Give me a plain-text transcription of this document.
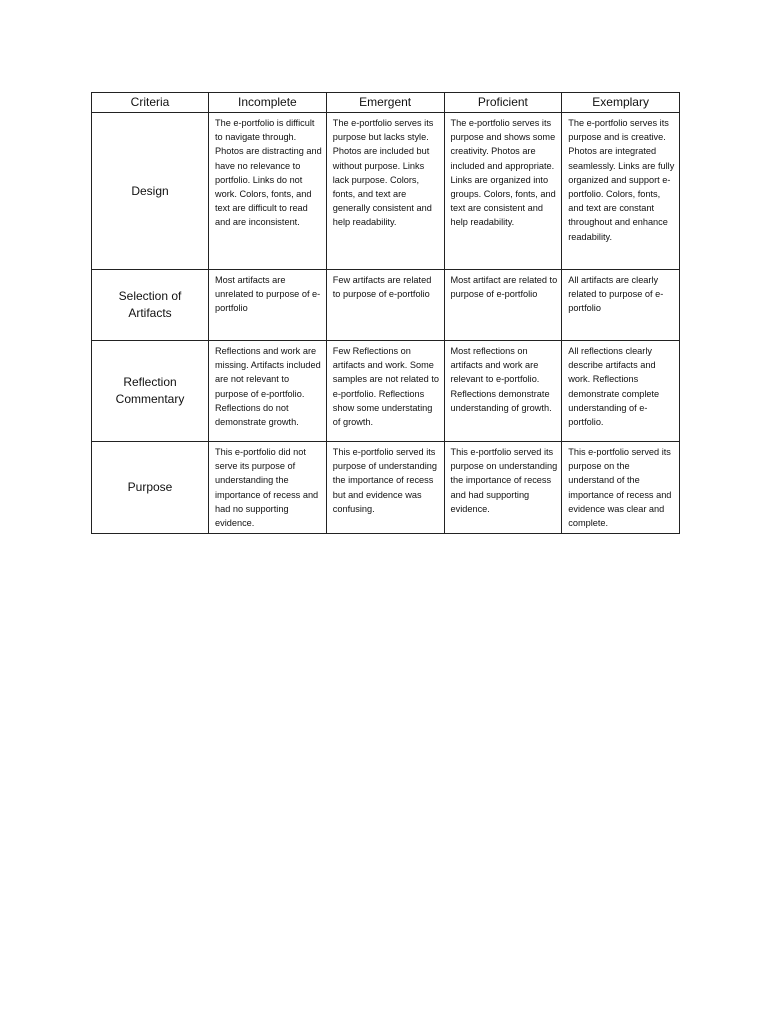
Criteria	Incomplete	Emergent	Proficient	Exemplary
Design	The e-portfolio is difficult to navigate through. Photos are distracting and have no relevance to portfolio. Links do not work. Colors, fonts, and text are difficult to read and are inconsistent.	The e-portfolio serves its purpose but lacks style. Photos are included but without purpose. Links lack purpose. Colors, fonts, and text are generally consistent and help readability.	The e-portfolio serves its purpose and shows some creativity. Photos are included and appropriate. Links are organized into groups. Colors, fonts, and text are consistent and help readability.	The e-portfolio serves its purpose and is creative. Photos are integrated seamlessly. Links are fully organized and support e-portfolio. Colors, fonts, and text are constant throughout and enhance readability.
Selection of Artifacts	Most artifacts are unrelated to purpose of e-portfolio	Few artifacts are related to purpose of e-portfolio	Most artifact are related to purpose of e-portfolio	All artifacts are clearly related to purpose of e-portfolio
Reflection Commentary	Reflections and work are missing. Artifacts included are not relevant to purpose of e-portfolio. Reflections do not demonstrate growth.	Few Reflections on artifacts and work. Some samples are not related to e-portfolio. Reflections show some understating of growth.	Most reflections on artifacts and work are relevant to e-portfolio. Reflections demonstrate understanding of growth.	All reflections clearly describe artifacts and work. Reflections demonstrate complete understanding of e-portfolio.
Purpose	This e-portfolio did not serve its purpose of understanding the importance of recess and had no supporting evidence.	This e-portfolio served its purpose of understanding the importance of recess but and evidence was confusing.	This e-portfolio served its purpose on understanding the importance of recess and had supporting evidence.	This e-portfolio served its purpose on the understand of the importance of recess and evidence was clear and complete.
